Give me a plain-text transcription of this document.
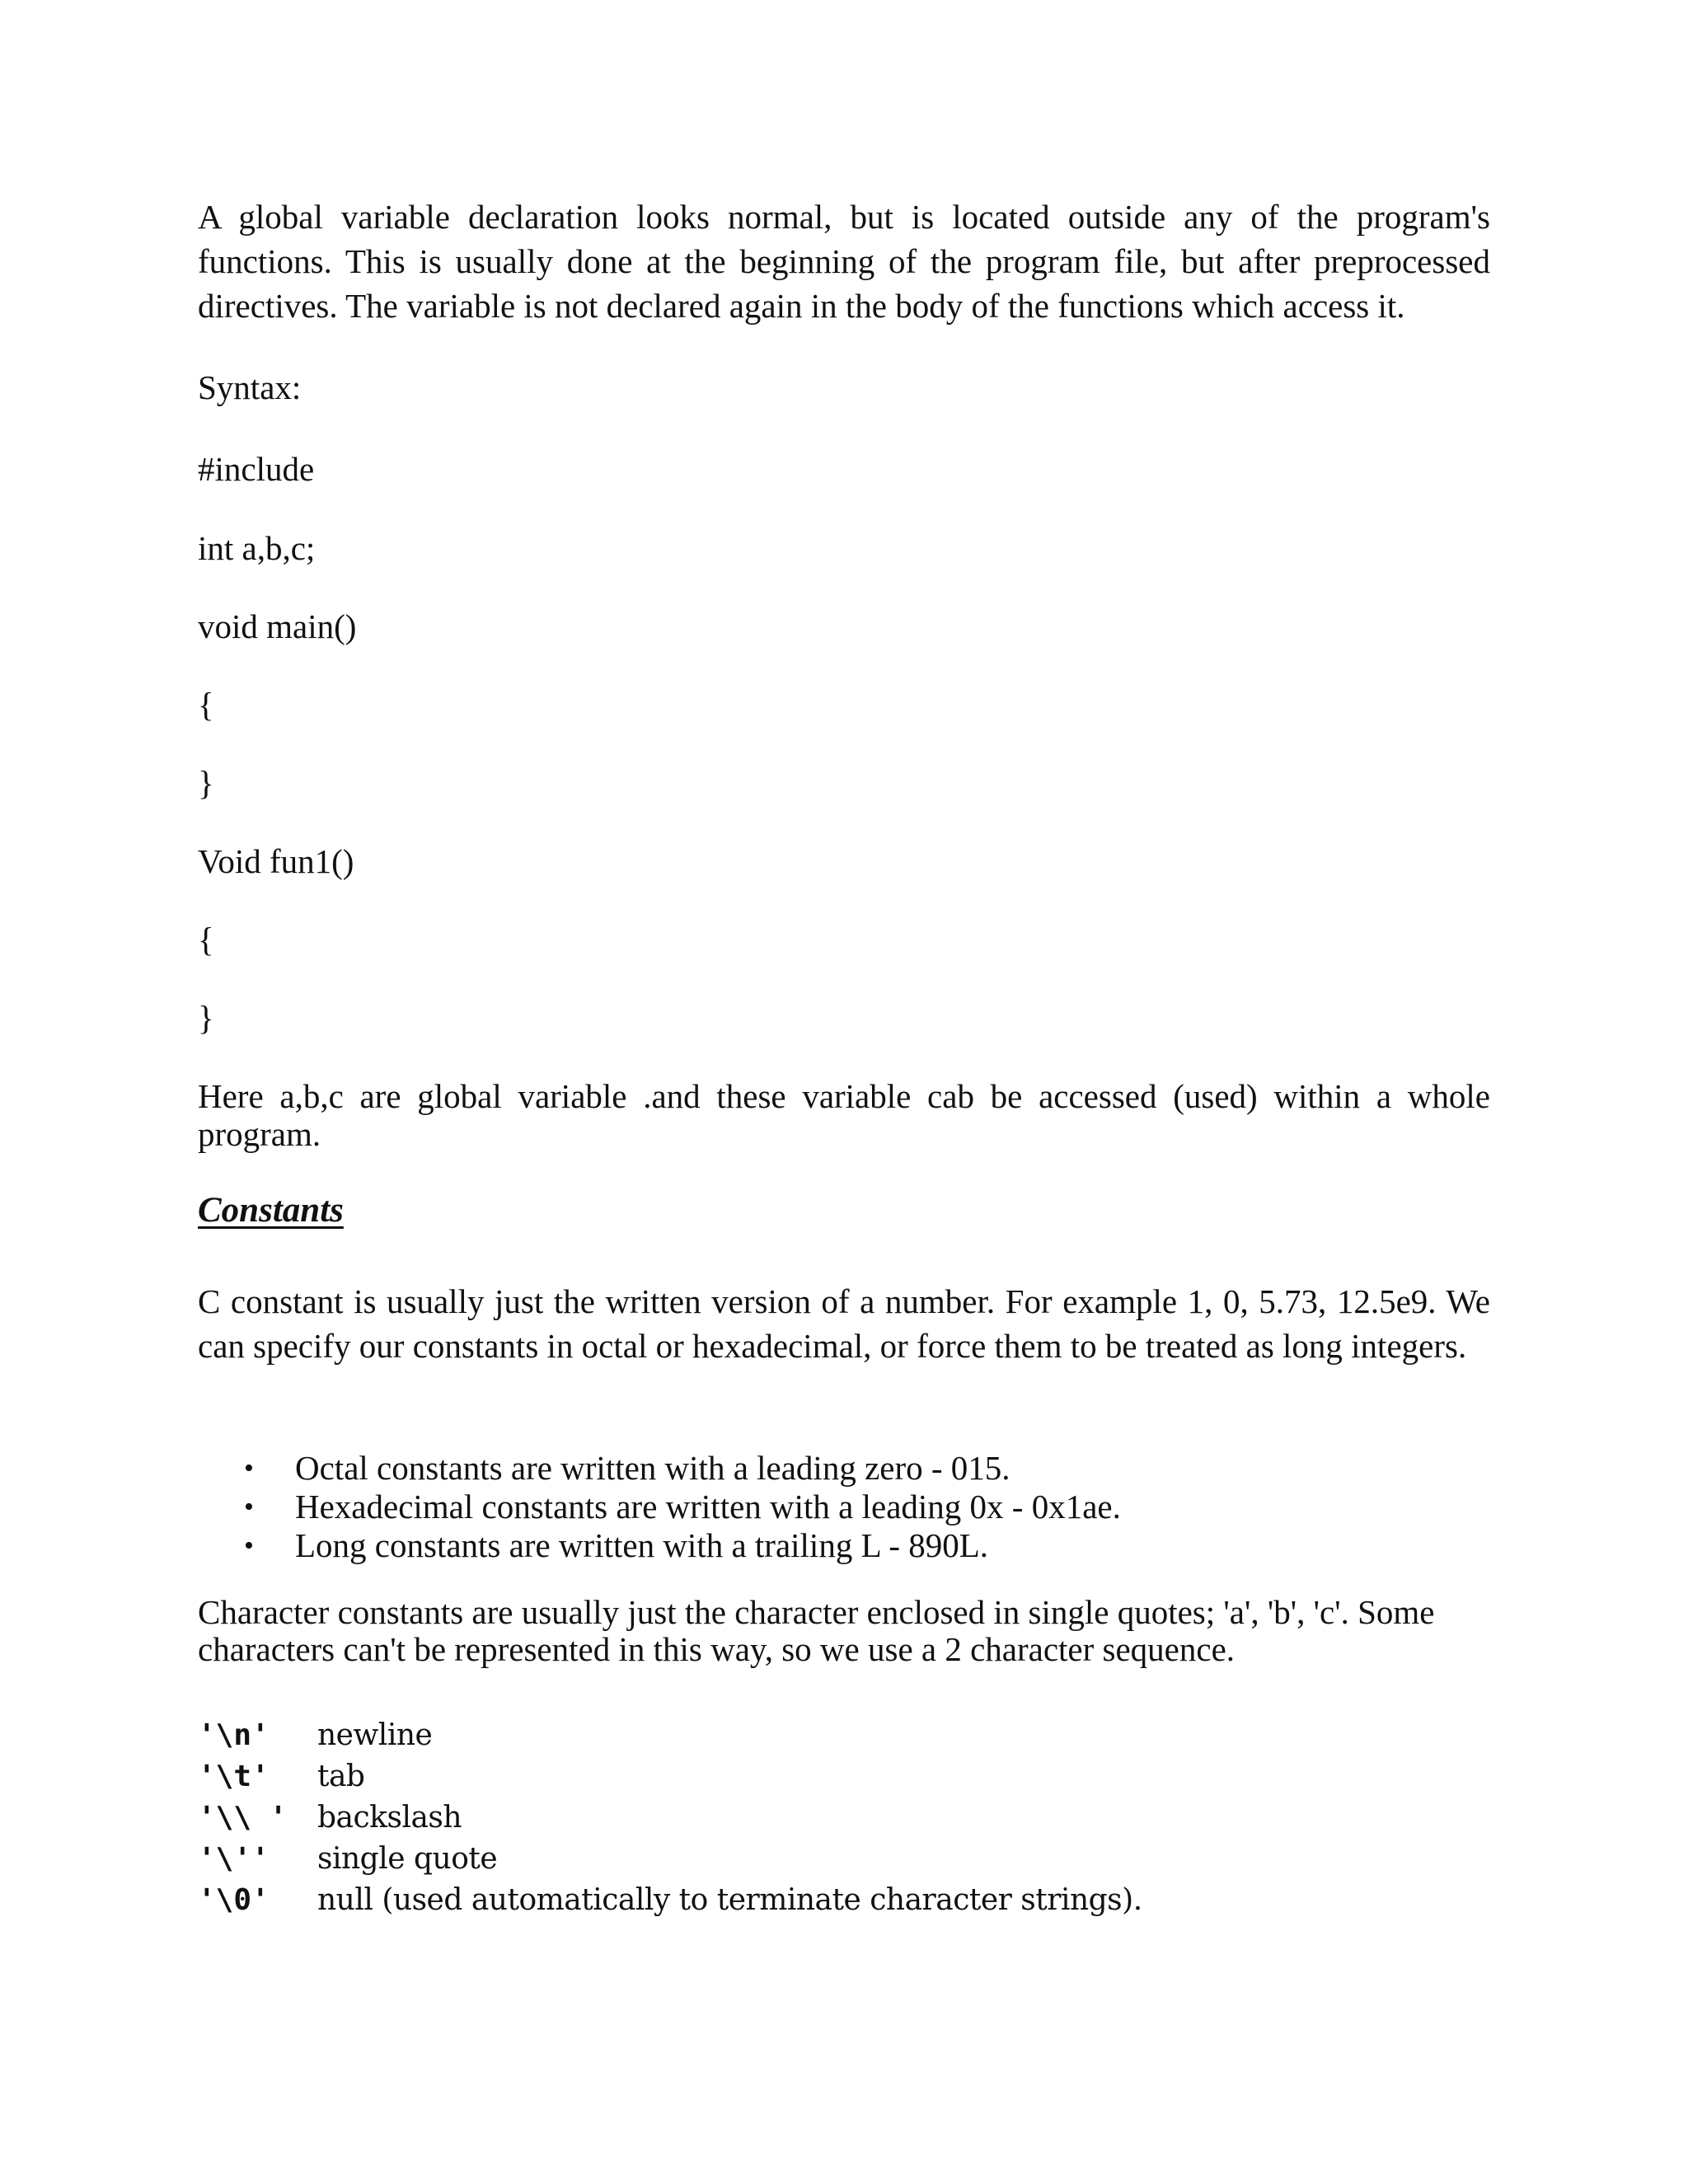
A global variable declaration looks normal, but is located outside any of the program's functions. This is usually done at the beginning of the program file, but after preprocessed directives. The variable is not declared again in the body of the functions which access it.

Syntax:

#include

int a,b,c;

void main()

{

}

Void fun1()

{

}

Here a,b,c are global variable .and these variable cab be accessed (used) within a whole program.

Constants

C constant is usually just the written version of a number. For example 1, 0, 5.73, 12.5e9. We can specify our constants in octal or hexadecimal, or force them to be treated as long integers.

• Octal constants are written with a leading zero - 015.
• Hexadecimal constants are written with a leading 0x - 0x1ae.
• Long constants are written with a trailing L - 890L.

Character constants are usually just the character enclosed in single quotes; 'a', 'b', 'c'. Some characters can't be represented in this way, so we use a 2 character sequence.

'\n'	newline
'\t'	tab
'\\ '	backslash
'\''	single quote
'\0'	null (used automatically to terminate character strings).
